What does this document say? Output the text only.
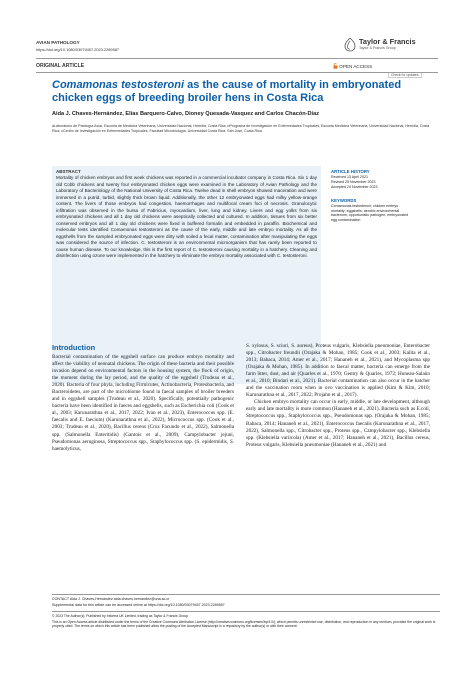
AVIAN PATHOLOGY
https://doi.org/10.1080/03079457.2023.2289587
Taylor & Francis
Taylor & Francis Group
ORIGINAL ARTICLE	OPEN ACCESS
Check for updates
Comamonas testosteroni as the cause of mortality in embryonated chicken eggs of breeding broiler hens in Costa Rica
Aida J. Chaves-Hernández, Elías Barquero-Calvo, Dioney Quesada-Vasquez and Carlos Chacón-Díaz
aLaboratorio de Patología Aviar, Escuela de Medicina Veterinaria, Universidad Nacional, Heredia, Costa Rica; bPrograma de Investigación en Enfermedades Tropicales, Escuela Medicina Veterinaria, Universidad Nacional, Heredia, Costa Rica; cCentro de Investigación en Enfermedades Tropicales, Facultad Microbiología, Universidad Costa Rica, San José, Costa Rica
ABSTRACT
Mortality of chicken embryos and first week chickens was reported in a commercial incubator company in Costa Rica. Six 1 day old Cobb chickens and twenty four embryonated chicken eggs were examined in the Laboratory of Avian Pathology and the Laboratory of Bacteriology of the National University of Costa Rica. Twelve dead in shell embryos showed maceration and were immersed in a putrid, turbid, slightly thick brown liquid. Additionally, the other 12 embryonated eggs had milky yellow-orange content. The livers of those embryos had congestion, haemorrhages and multifocal cream foci of necrosis. Granulocytic infiltration was observed in the bursa of Fabricius, myocardium, liver, lung and kidney. Livers and egg yolks from six embryonated chickens and all 1 day old chickens were aseptically collected and cultured. In addition, tissues from six better conserved embryos and all 1 day old chickens were fixed in buffered formalin and embedded in paraffin. Biochemical and molecular tests identified Comamonas testosteroni as the cause of the early, middle and late embryo mortality. As all the eggshells from the sampled embryonated eggs were dirty with soiled a fecal matter, contamination after manipulating the eggs was considered the source of infection. C. testosteroni is an environmental microorganism that has rarely been reported to cause human disease. To our knowledge, this is the first report of C. testosteroni causing mortality in a hatchery. Cleaning and disinfection using ozone were implemented in the hatchery to eliminate the embryo mortality associated with C. testosteroni.
ARTICLE HISTORY
Received 13 April 2021
Revised 25 November 2023
Accepted 24 November 2023
KEYWORDS
Comamonas testosteroni; chicken embryo mortality; eggshells; aerobic environmental bacterium; opportunistic pathogen; embryonated egg contamination
Introduction

Bacterial contamination of the eggshell surface can produce embryo mortality and affect the viability of neonatal chickens. The origin of these bacteria and their possible invasion depend on environmental factors in the housing system, the flock of origin, the moment during the lay period, and the quality of the eggshell (Trudeau et al., 2020). Bacteria of four phyla, including Firmicutes, Actinobacteria, Proteobacteria, and Bacteroidetes, are part of the microbiome found in faecal samples of broiler breeders and in eggshell samples (Trudeau et al., 2020). Specifically, potentially pathogenic bacteria have been identified in faeces and eggshells, such as Escherichia coli (Cook et al., 2003; Karunarathna et al., 2017, 2022; Ivan et al., 2023), Enterococcus spp. (E. faecalis and E. faecium) (Karunarathna et al., 2022), Micrococcus spp. (Cook et al., 2003; Trudeau et al., 2020), Bacillus cereus (Cruz Facundo et al., 2022), Salmonella spp. (Salmonella Enteritidis) (Gantois et al., 2009), Campylobacter jejuni, Pseudomonas aeruginosa, Streptococcus spp., Staphylococcus spp. (S. epidermidis, S. haemolyticus,

S. xylosus, S. sciuri, S. aureus), Proteus vulgaris, Klebsiella pneumoniae, Enterobacter spp., Citrobacter freundii (Orajaka & Mohan, 1985; Cook et al., 2003; Kalita et al., 2013; Babaca, 2014; Amer et al., 2017; Hananeh et al., 2021), and Mycoplasma spp (Orajaka & Mohan, 1985). In addition to faecal matter, bacteria can emerge from the farm litter, dust, and air (Quarles et al., 1970; Gentry & Quarles, 1972; Huneau-Salaün et al., 2010; Bindari et al., 2021). Bacterial contamination can also occur in the hatcher and the vaccination room when in ovo vaccination is applied (Kim & Kim, 2010; Karunarathna et al., 2017, 2022; Projahn et al., 2017).

Chicken embryo mortality can occur in early, middle, or late development, although early and late mortality is more common (Hananeh et al., 2021). Bacteria such as E.coli, Streptococcus spp., Staphylococcus spp., Pseudomonas spp. (Orajaka & Mohan, 1985; Babaca, 2014; Hananeh et al., 2021), Enterococcus faecalis (Karunarathna et al., 2017, 2022), Salmonella spp., Citrobacter spp., Proteus spp., Campylobacter spp., Klebsiella spp. (Klebsiella variicola) (Amer et al., 2017; Hananeh et al., 2021), Bacillus cereus, Proteus vulgaris, Klebsiella pneumoniae (Hananeh et al., 2021) and

CONTACT Aida J. Chaves-Hernández aida.chaves.hernandez@una.ac.cr
Supplemental data for this article can be accessed online at https://doi.org/10.1080/03079457.2023.2289587.
© 2023 The Author(s). Published by Informa UK Limited, trading as Taylor & Francis Group
This is an Open Access article distributed under the terms of the Creative Commons Attribution License (http://creativecommons.org/licenses/by/4.0/), which permits unrestricted use, distribution, and reproduction in any medium, provided the original work is properly cited. The terms on which this article has been published allow the posting of the Accepted Manuscript in a repository by the author(s) or with their consent.
